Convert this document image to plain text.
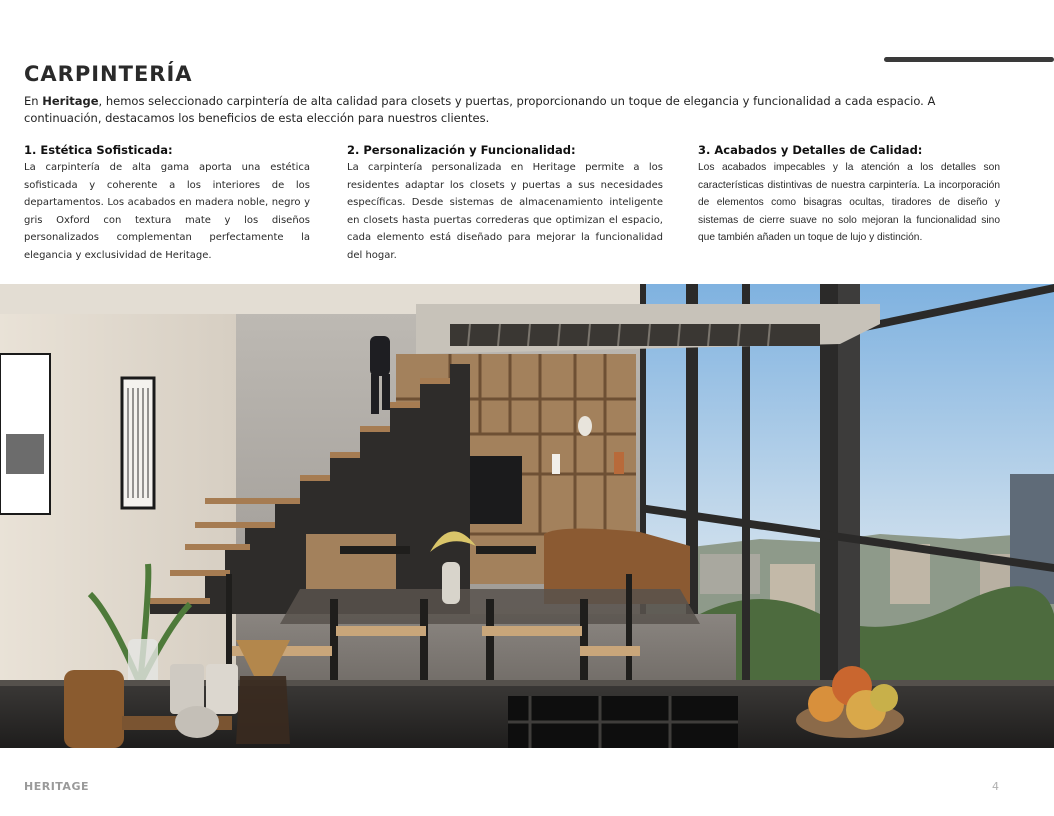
CARPINTERÍA

En Heritage, hemos seleccionado carpintería de alta calidad para closets y puertas, proporcionando un toque de elegancia y funcionalidad a cada espacio. A continuación, destacamos los beneficios de esta elección para nuestros clientes.

1. Estética Sofisticada:

La carpintería de alta gama aporta una estética sofisticada y coherente a los interiores de los departamentos. Los acabados en madera noble, negro y gris Oxford con textura mate y los diseños personalizados complementan perfectamente la elegancia y exclusividad de Heritage.

2. Personalización y Funcionalidad:

La carpintería personalizada en Heritage permite a los residentes adaptar los closets y puertas a sus necesidades específicas. Desde sistemas de almacenamiento inteligente en closets hasta puertas correderas que optimizan el espacio, cada elemento está diseñado para mejorar la funcionalidad del hogar.

3. Acabados y Detalles de Calidad:

Los acabados impecables y la atención a los detalles son características distintivas de nuestra carpintería. La incorporación de elementos como bisagras ocultas, tiradores de diseño y sistemas de cierre suave no solo mejoran la funcionalidad sino que también añaden un toque de lujo y distinción.

HERITAGE	4
